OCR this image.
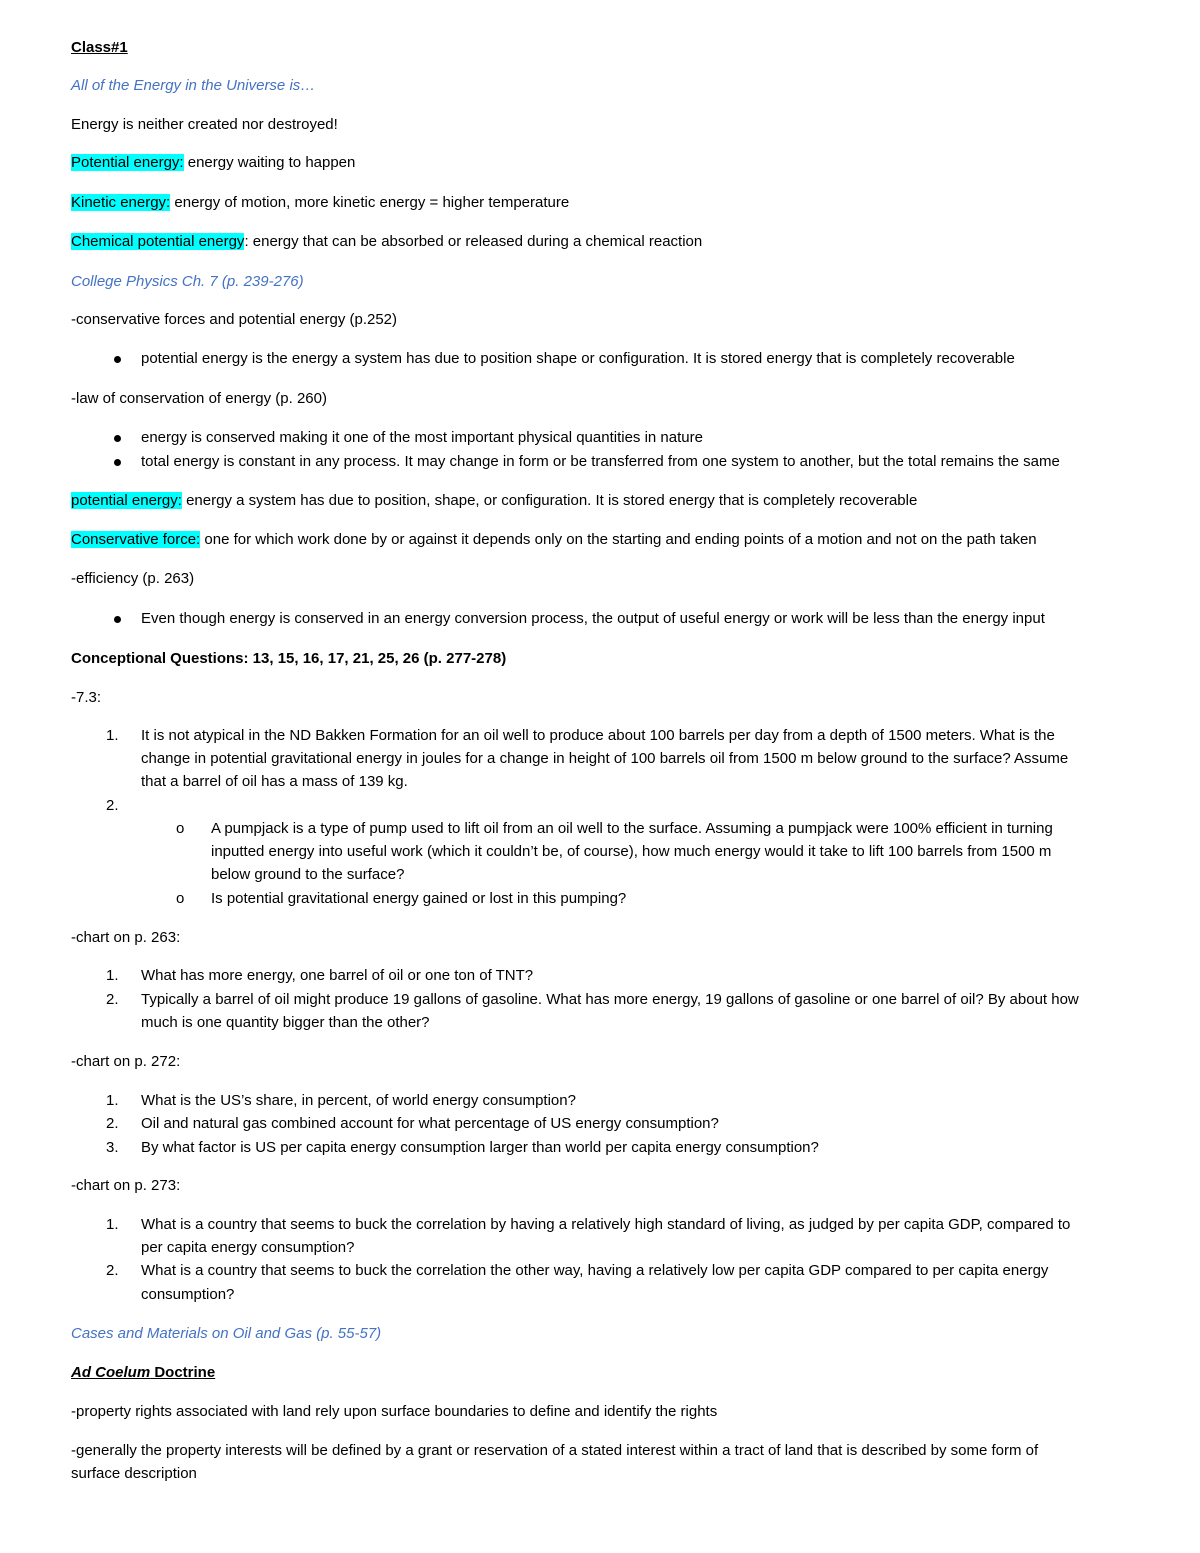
Class#1
All of the Energy in the Universe is…
Energy is neither created nor destroyed!
Potential energy: energy waiting to happen
Kinetic energy: energy of motion, more kinetic energy = higher temperature
Chemical potential energy: energy that can be absorbed or released during a chemical reaction
College Physics Ch. 7 (p. 239-276)
-conservative forces and potential energy (p.252)
potential energy is the energy a system has due to position shape or configuration. It is stored energy that is completely recoverable
-law of conservation of energy (p. 260)
energy is conserved making it one of the most important physical quantities in nature
total energy is constant in any process. It may change in form or be transferred from one system to another, but the total remains the same
potential energy: energy a system has due to position, shape, or configuration. It is stored energy that is completely recoverable
Conservative force: one for which work done by or against it depends only on the starting and ending points of a motion and not on the path taken
-efficiency (p. 263)
Even though energy is conserved in an energy conversion process, the output of useful energy or work will be less than the energy input
Conceptional Questions: 13, 15, 16, 17, 21, 25, 26 (p. 277-278)
-7.3:
1. It is not atypical in the ND Bakken Formation for an oil well to produce about 100 barrels per day from a depth of 1500 meters. What is the
change in potential gravitational energy in joules for a change in height of 100 barrels oil from 1500 m below ground to the surface? Assume
that a barrel of oil has a mass of 139 kg.
2.
o A pumpjack is a type of pump used to lift oil from an oil well to the surface. Assuming a pumpjack were 100% efficient in turning
inputted energy into useful work (which it couldn’t be, of course), how much energy would it take to lift 100 barrels from 1500 m
below ground to the surface?
o Is potential gravitational energy gained or lost in this pumping?
-chart on p. 263:
1. What has more energy, one barrel of oil or one ton of TNT?
2. Typically a barrel of oil might produce 19 gallons of gasoline. What has more energy, 19 gallons of gasoline or one barrel of oil? By about how
much is one quantity bigger than the other?
-chart on p. 272:
1. What is the US’s share, in percent, of world energy consumption?
2. Oil and natural gas combined account for what percentage of US energy consumption?
3. By what factor is US per capita energy consumption larger than world per capita energy consumption?
-chart on p. 273:
1. What is a country that seems to buck the correlation by having a relatively high standard of living, as judged by per capita GDP, compared to
per capita energy consumption?
2. What is a country that seems to buck the correlation the other way, having a relatively low per capita GDP compared to per capita energy
consumption?
Cases and Materials on Oil and Gas (p. 55-57)
Ad Coelum Doctrine
-property rights associated with land rely upon surface boundaries to define and identify the rights
-generally the property interests will be defined by a grant or reservation of a stated interest within a tract of land that is described by some form of
surface description
